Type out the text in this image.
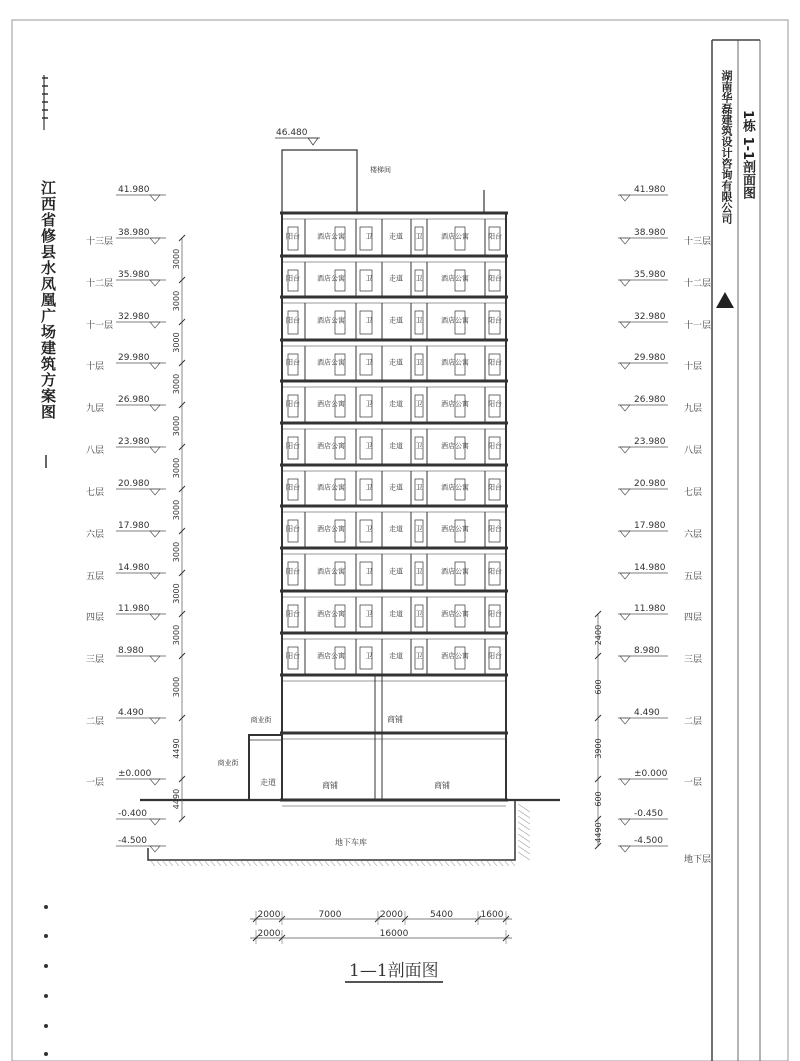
46.480
41.980	41.980
38.980
十三层
38.980
十三层
35.980
十二层
35.980
十二层
32.980
十一层
32.980
十一层
29.980
十层
29.980
十层
26.980
九层
26.980
九层
23.980
八层
23.980
八层
20.980
七层
20.980
七层
17.980
六层
17.980
六层
14.980
五层
14.980
五层
11.980
四层
11.980
四层
8.980
三层
8.980
三层
4.490
二层
4.490
二层
±0.000
一层
±0.000
一层
-0.400	-0.450
-4.500	-4.500
地下层
阳台 酒店公寓	卫 走道 卫	酒店公寓	阳台
阳台 酒店公寓	卫 走道 卫	酒店公寓	阳台
阳台 酒店公寓	卫 走道 卫	酒店公寓	阳台
阳台 酒店公寓	卫 走道 卫	酒店公寓	阳台
阳台 酒店公寓	卫 走道 卫	酒店公寓	阳台
阳台 酒店公寓	卫 走道 卫	酒店公寓	阳台
阳台 酒店公寓	卫 走道 卫	酒店公寓	阳台
阳台 酒店公寓	卫 走道 卫	酒店公寓	阳台
阳台 酒店公寓	卫 走道 卫	酒店公寓	阳台
阳台 酒店公寓	卫 走道 卫	酒店公寓	阳台
阳台 酒店公寓	卫 走道 卫	酒店公寓	阳台
商铺
商铺	商铺
走道
商业街
商业街
楼梯间
地下车库
3000
3000
3000
3000
3000
3000
3000
3000
3000
3000
3000
4490
4490
2400
600
3900
600
4490
2000	7000	2000	5400	1600
2000	16000
江西省修县水凤凰广场建筑方案图
湖南华磊建筑设计咨询有限公司 1栋 1-1剖面图
1—1剖面图
